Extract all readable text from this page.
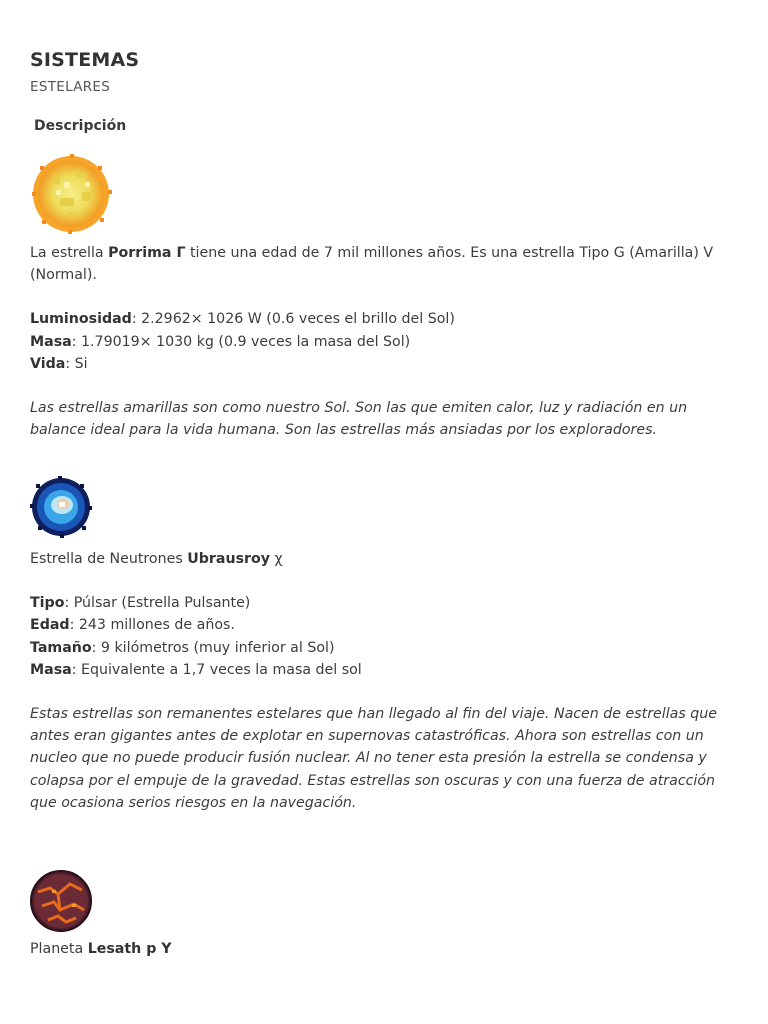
SISTEMAS
ESTELARES
Descripción

La estrella Porrima Γ tiene una edad de 7 mil millones años. Es una estrella Tipo G (Amarilla) V (Normal).

Luminosidad: 2.2962× 1026 W (0.6 veces el brillo del Sol)

Masa: 1.79019× 1030 kg (0.9 veces la masa del Sol)

Vida: Si

Las estrellas amarillas son como nuestro Sol. Son las que emiten calor, luz y radiación en un balance ideal para la vida humana. Son las estrellas más ansiadas por los exploradores.

Estrella de Neutrones Ubrausroy χ

Tipo: Púlsar (Estrella Pulsante)

Edad: 243 millones de años.

Tamaño: 9 kilómetros (muy inferior al Sol)

Masa: Equivalente a 1,7 veces la masa del sol

Estas estrellas son remanentes estelares que han llegado al fin del viaje. Nacen de estrellas que antes eran gigantes antes de explotar en supernovas catastróficas. Ahora son estrellas con un nucleo que no puede producir fusión nuclear. Al no tener esta presión la estrella se condensa y colapsa por el empuje de la gravedad. Estas estrellas son oscuras y con una fuerza de atracción que ocasiona serios riesgos en la navegación.

Planeta Lesath p Y
